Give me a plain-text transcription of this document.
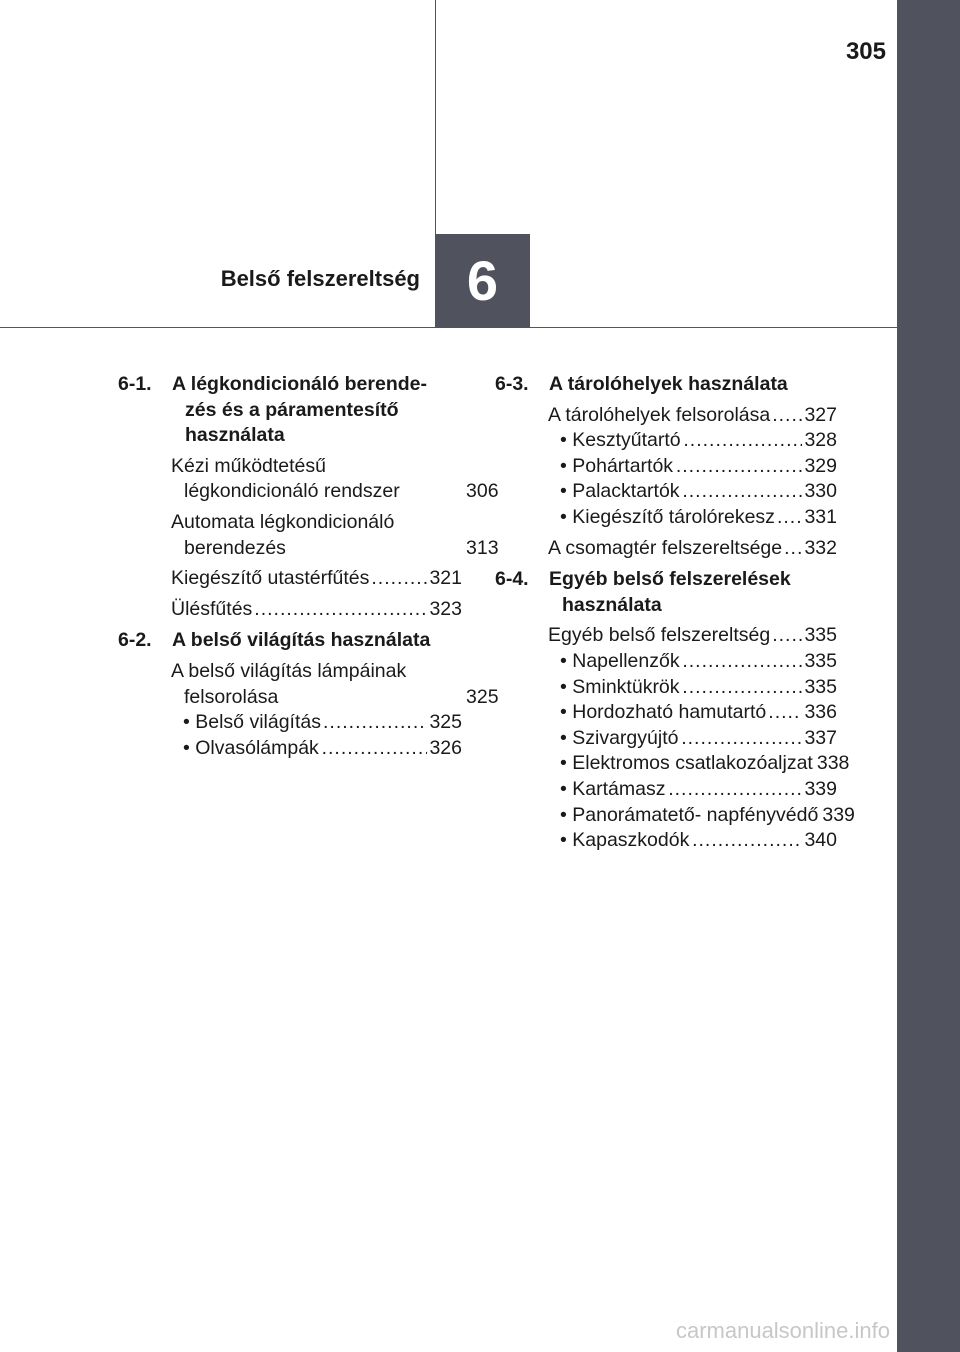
305
Belső felszereltség 6
6-1.	A légkondicionáló berende- zés és a páramentesítő használata
Kézi működtetésű légkondicionáló rendszer	306
Automata légkondicionáló berendezés	313
Kiegészítő utastérfűtés .....	321
Ülésfűtés .....	323
6-2.	A belső világítás használata
A belső világítás lámpáinak felsorolása	325
• Belső világítás .....	325
• Olvasólámpák .....	326
6-3.	A tárolóhelyek használata
A tárolóhelyek felsorolása ..... 327
• Kesztyűtartó .....	328
• Pohártartók .....	329
• Palacktartók .....	330
• Kiegészítő tárolórekesz ..... 331
A csomagtér felszereltsége ..... 332
6-4.	Egyéb belső felszerelések használata
Egyéb belső felszereltség ..... 335
• Napellenzők .....	335
• Sminktükrök .....	335
• Hordozható hamutartó ..... 336
• Szivargyújtó .....	337
• Elektromos csatlakozóaljzat 338
• Kartámasz .....	339
• Panorámatető- napfényvédő 339
• Kapaszkodók .....	340
carmanualsonline.info
